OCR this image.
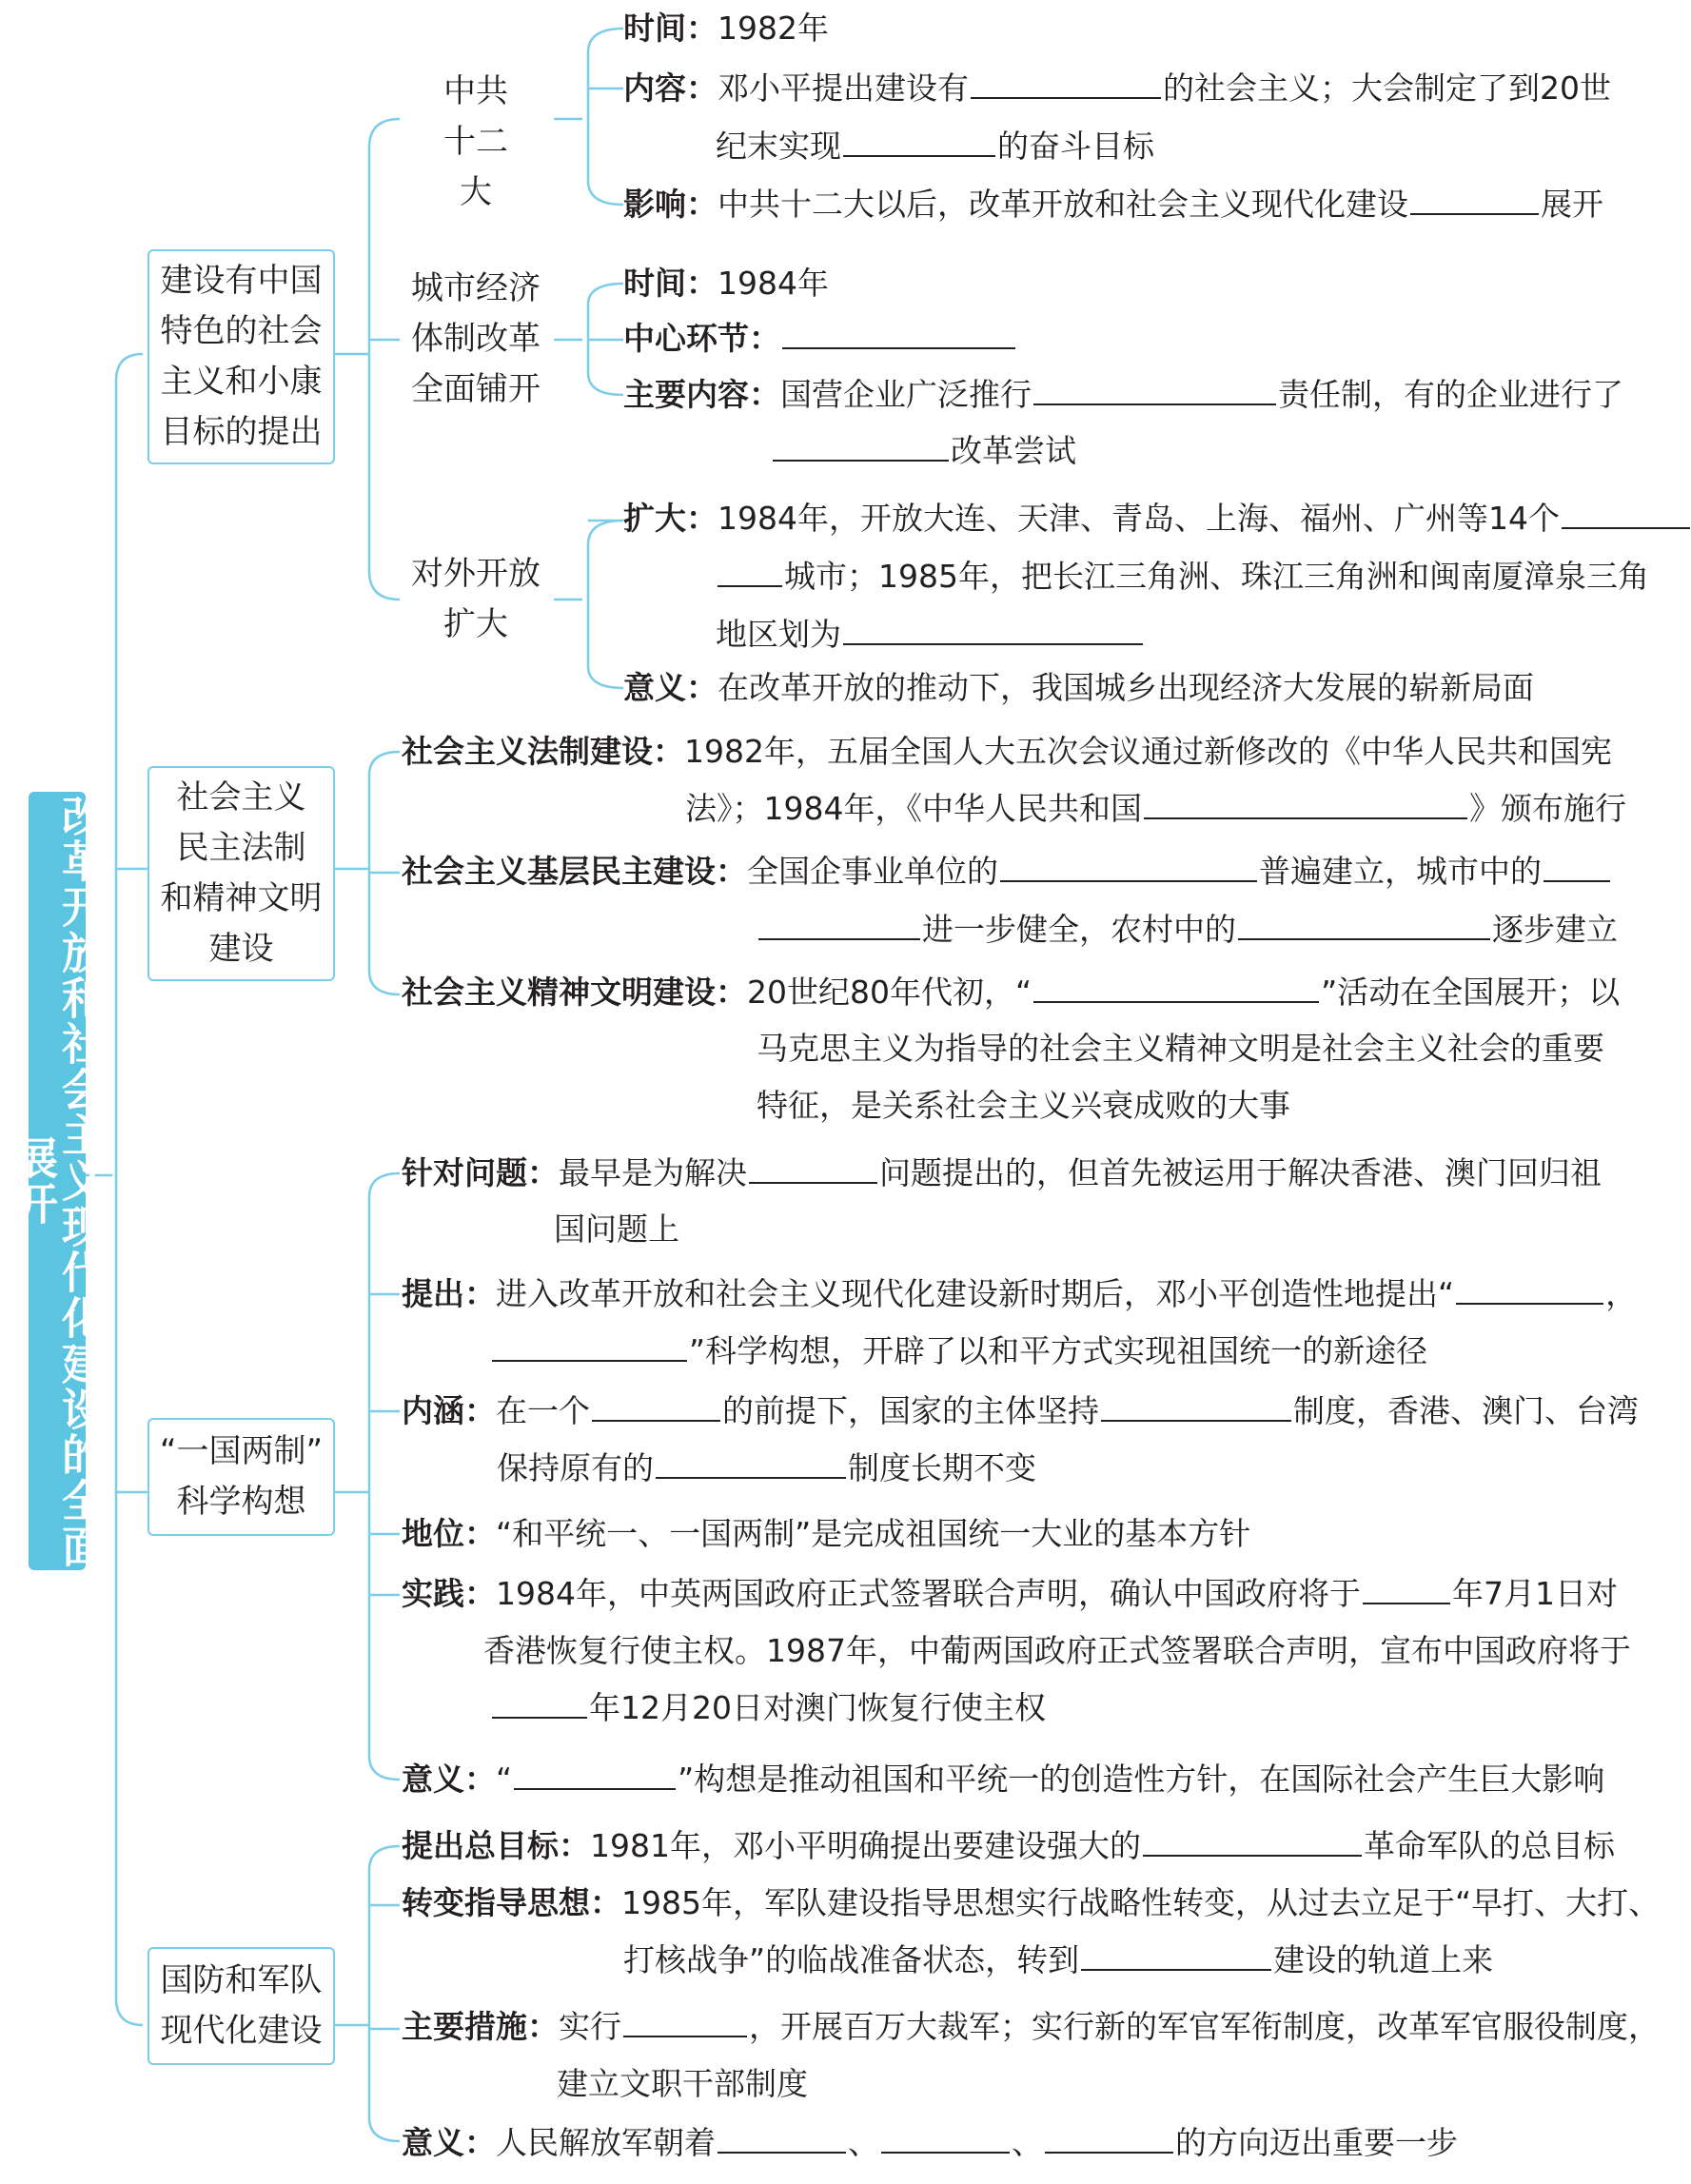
改革开放和社会主义现代化建设的全面展开
建设有中国
特色的社会
主义和小康
目标的提出
中共
十二
大
城市经济
体制改革
全面铺开
对外开放
扩大
时间：1982年
内容：邓小平提出建设有	的社会主义；大会制定了到20世
纪末实现	的奋斗目标
影响：中共十二大以后，改革开放和社会主义现代化建设	展开
时间：1984年
中心环节：
主要内容：国营企业广泛推行	责任制，有的企业进行了
改革尝试
扩大：1984年，开放大连、天津、青岛、上海、福州、广州等14个
城市；1985年，把长江三角洲、珠江三角洲和闽南厦漳泉三角
地区划为
意义：在改革开放的推动下，我国城乡出现经济大发展的崭新局面
社会主义
民主法制
和精神文明
建设
社会主义法制建设：1982年，五届全国人大五次会议通过新修改的《中华人民共和国宪
法》；1984年，《中华人民共和国	》颁布施行
社会主义基层民主建设：全国企事业单位的	普遍建立，城市中的
进一步健全，农村中的	逐步建立
社会主义精神文明建设：20世纪80年代初，“	”活动在全国展开；以
马克思主义为指导的社会主义精神文明是社会主义社会的重要
特征，是关系社会主义兴衰成败的大事
“一国两制”
科学构想
针对问题：最早是为解决	问题提出的，但首先被运用于解决香港、澳门回归祖
国问题上
提出：进入改革开放和社会主义现代化建设新时期后，邓小平创造性地提出“	，
”科学构想，开辟了以和平方式实现祖国统一的新途径
内涵：在一个	的前提下，国家的主体坚持	制度，香港、澳门、台湾
保持原有的	制度长期不变
地位：“和平统一、一国两制”是完成祖国统一大业的基本方针
实践：1984年，中英两国政府正式签署联合声明，确认中国政府将于	年7月1日对
香港恢复行使主权。1987年，中葡两国政府正式签署联合声明，宣布中国政府将于
年12月20日对澳门恢复行使主权
意义：“	”构想是推动祖国和平统一的创造性方针，在国际社会产生巨大影响
国防和军队
现代化建设
提出总目标：1981年，邓小平明确提出要建设强大的	革命军队的总目标
转变指导思想：1985年，军队建设指导思想实行战略性转变，从过去立足于“早打、大打、
打核战争”的临战准备状态，转到	建设的轨道上来
主要措施：实行	，开展百万大裁军；实行新的军官军衔制度，改革军官服役制度，
建立文职干部制度
意义：人民解放军朝着	、	、	的方向迈出重要一步
